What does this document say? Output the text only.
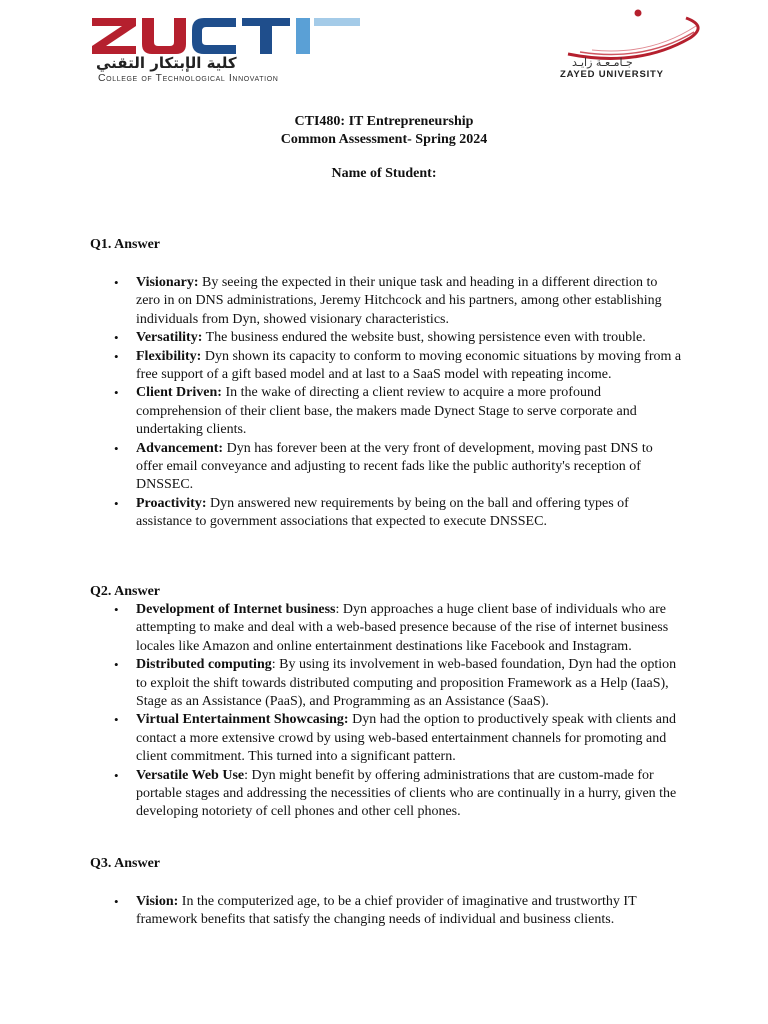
كلية الإبتكار التقني
College of Technological Innovation
جـامـعـة زايـد
ZAYED UNIVERSITY
CTI480: IT Entrepreneurship
Common Assessment- Spring 2024
Name of Student:
Q1. Answer
• Visionary: By seeing the expected in their unique task and heading in a different direction to zero in on DNS administrations, Jeremy Hitchcock and his partners, among other establishing individuals from Dyn, showed visionary characteristics.
• Versatility: The business endured the website bust, showing persistence even with trouble.
• Flexibility: Dyn shown its capacity to conform to moving economic situations by moving from a free support of a gift based model and at last to a SaaS model with repeating income.
• Client Driven: In the wake of directing a client review to acquire a more profound comprehension of their client base, the makers made Dynect Stage to serve corporate and undertaking clients.
• Advancement: Dyn has forever been at the very front of development, moving past DNS to offer email conveyance and adjusting to recent fads like the public authority's reception of DNSSEC.
• Proactivity: Dyn answered new requirements by being on the ball and offering types of assistance to government associations that expected to execute DNSSEC.
Q2. Answer
• Development of Internet business: Dyn approaches a huge client base of individuals who are attempting to make and deal with a web-based presence because of the rise of internet business locales like Amazon and online entertainment destinations like Facebook and Instagram.
• Distributed computing: By using its involvement in web-based foundation, Dyn had the option to exploit the shift towards distributed computing and proposition Framework as a Help (IaaS), Stage as an Assistance (PaaS), and Programming as an Assistance (SaaS).
• Virtual Entertainment Showcasing: Dyn had the option to productively speak with clients and contact a more extensive crowd by using web-based entertainment channels for promoting and client commitment. This turned into a significant pattern.
• Versatile Web Use: Dyn might benefit by offering administrations that are custom-made for portable stages and addressing the necessities of clients who are continually in a hurry, given the developing notoriety of cell phones and other cell phones.
Q3. Answer
• Vision: In the computerized age, to be a chief provider of imaginative and trustworthy IT framework benefits that satisfy the changing needs of individual and business clients.
